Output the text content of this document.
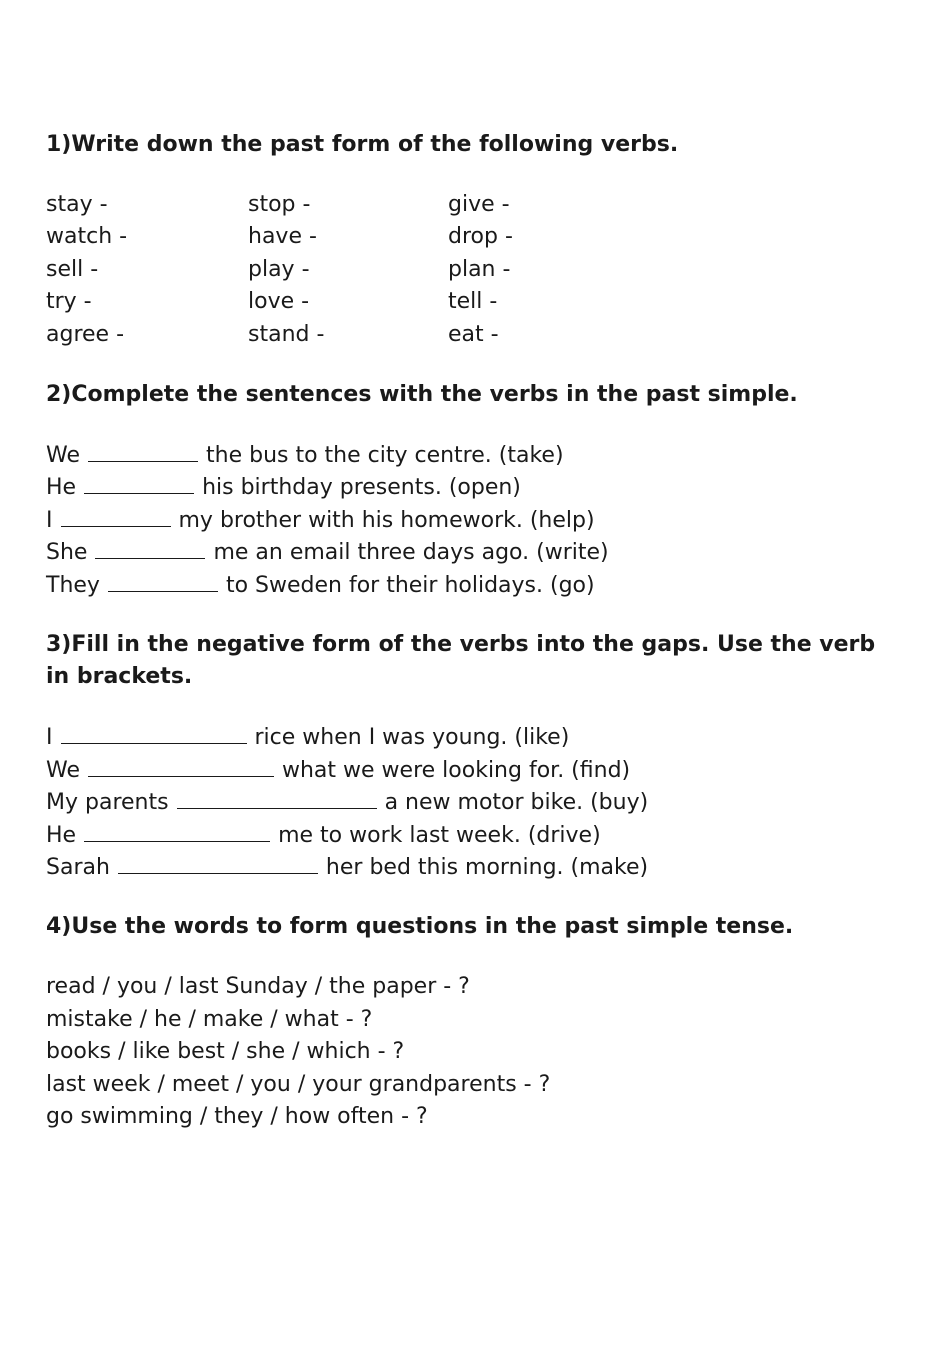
1)Write down the past form of the following verbs.
stay -	stop -	give -
watch -	have -	drop -
sell -	play -	plan -
try -	love -	tell -
agree -	stand -	eat -
2)Complete the sentences with the verbs in the past simple.
We	the bus to the city centre. (take)
He	his birthday presents. (open)
I	my brother with his homework. (help)
She	me an email three days ago. (write)
They	to Sweden for their holidays. (go)
3)Fill in the negative form of the verbs into the gaps. Use the verb in brackets.
I	rice when I was young. (like)
We	what we were looking for. (find)
My parents	a new motor bike. (buy)
He	me to work last week. (drive)
Sarah	her bed this morning. (make)
4)Use the words to form questions in the past simple tense.
read / you / last Sunday / the paper - ?
mistake / he / make / what - ?
books / like best / she / which - ?
last week / meet / you / your grandparents - ?
go swimming / they / how often - ?
